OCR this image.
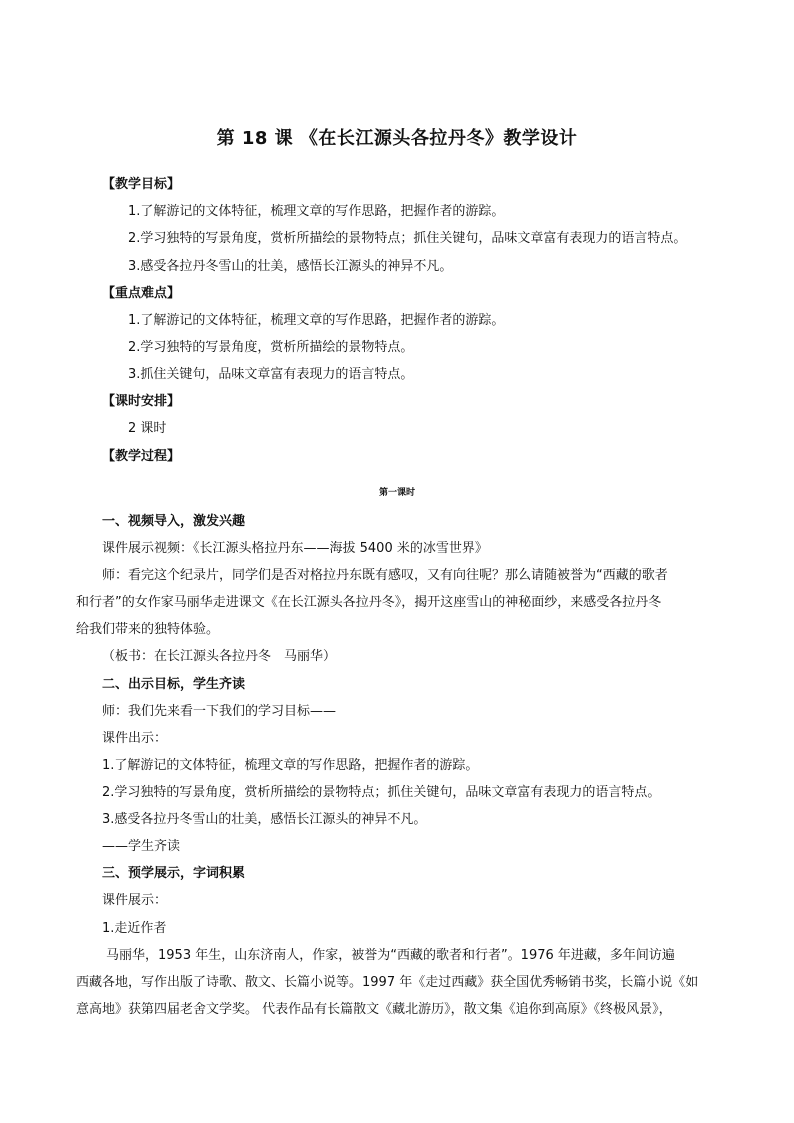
第 18 课 《在长江源头各拉丹冬》教学设计
【教学目标】
1.了解游记的文体特征，梳理文章的写作思路，把握作者的游踪。
2.学习独特的写景角度，赏析所描绘的景物特点；抓住关键句，品味文章富有表现力的语言特点。
3.感受各拉丹冬雪山的壮美，感悟长江源头的神异不凡。
【重点难点】
1.了解游记的文体特征，梳理文章的写作思路，把握作者的游踪。
2.学习独特的写景角度，赏析所描绘的景物特点。
3.抓住关键句，品味文章富有表现力的语言特点。
【课时安排】
2 课时
【教学过程】
第一课时
一、视频导入，激发兴趣
课件展示视频：《长江源头格拉丹东——海拔 5400 米的冰雪世界》
师：看完这个纪录片，同学们是否对格拉丹东既有感叹，又有向往呢？那么请随被誉为“西藏的歌者
和行者”的女作家马丽华走进课文《在长江源头各拉丹冬》，揭开这座雪山的神秘面纱，来感受各拉丹冬
给我们带来的独特体验。
（板书：在长江源头各拉丹冬　马丽华）
二、出示目标，学生齐读
师：我们先来看一下我们的学习目标——
课件出示：
1.了解游记的文体特征，梳理文章的写作思路，把握作者的游踪。
2.学习独特的写景角度，赏析所描绘的景物特点；抓住关键句，品味文章富有表现力的语言特点。
3.感受各拉丹冬雪山的壮美，感悟长江源头的神异不凡。
——学生齐读
三、预学展示，字词积累
课件展示：
1.走近作者
马丽华，1953 年生，山东济南人，作家，被誉为“西藏的歌者和行者”。1976 年进藏，多年间访遍
西藏各地，写作出版了诗歌、散文、长篇小说等。1997 年《走过西藏》获全国优秀畅销书奖，长篇小说《如
意高地》获第四届老舍文学奖。 代表作品有长篇散文《藏北游历》，散文集《追你到高原》《终极风景》，
